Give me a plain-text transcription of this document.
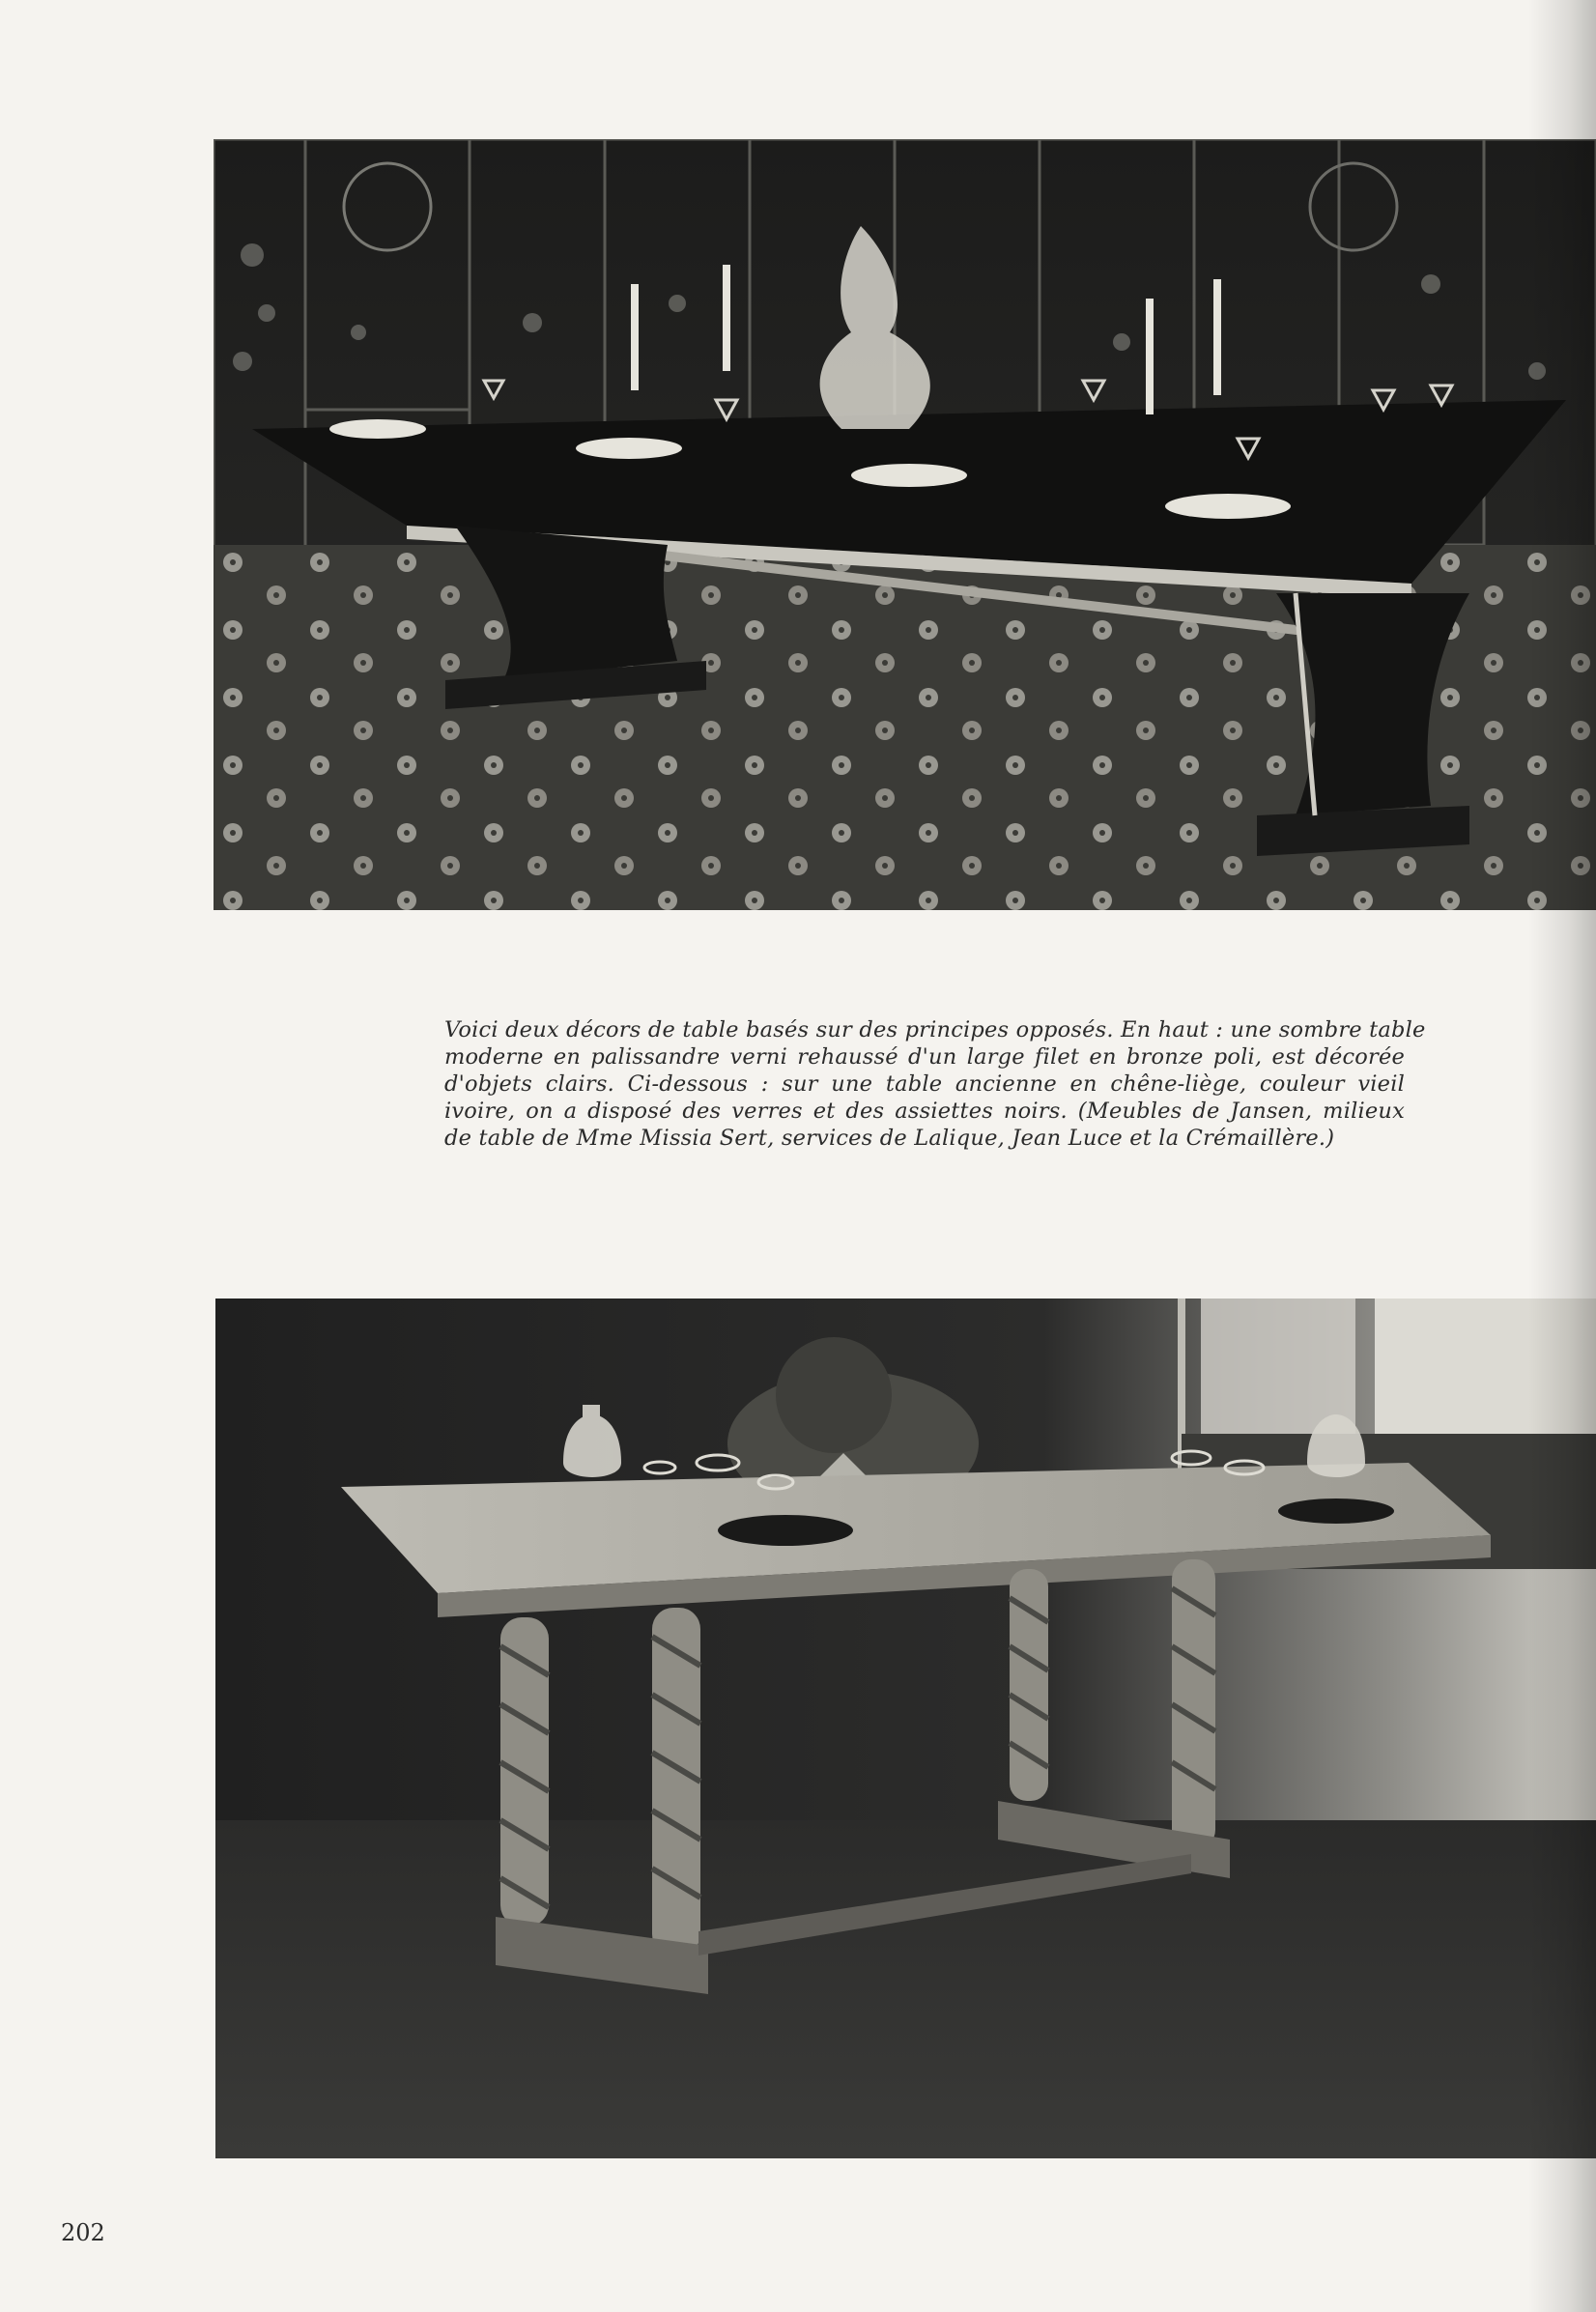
Voici deux décors de table basés sur des principes opposés. En haut : une sombre table
moderne en palissandre verni rehaussé d'un large filet en bronze poli, est décorée
d'objets clairs. Ci-dessous : sur une table ancienne en chêne-liège, couleur vieil
ivoire, on a disposé des verres et des assiettes noirs. (Meubles de Jansen, milieux
de table de Mme Missia Sert, services de Lalique, Jean Luce et la Crémaillère.)
202
